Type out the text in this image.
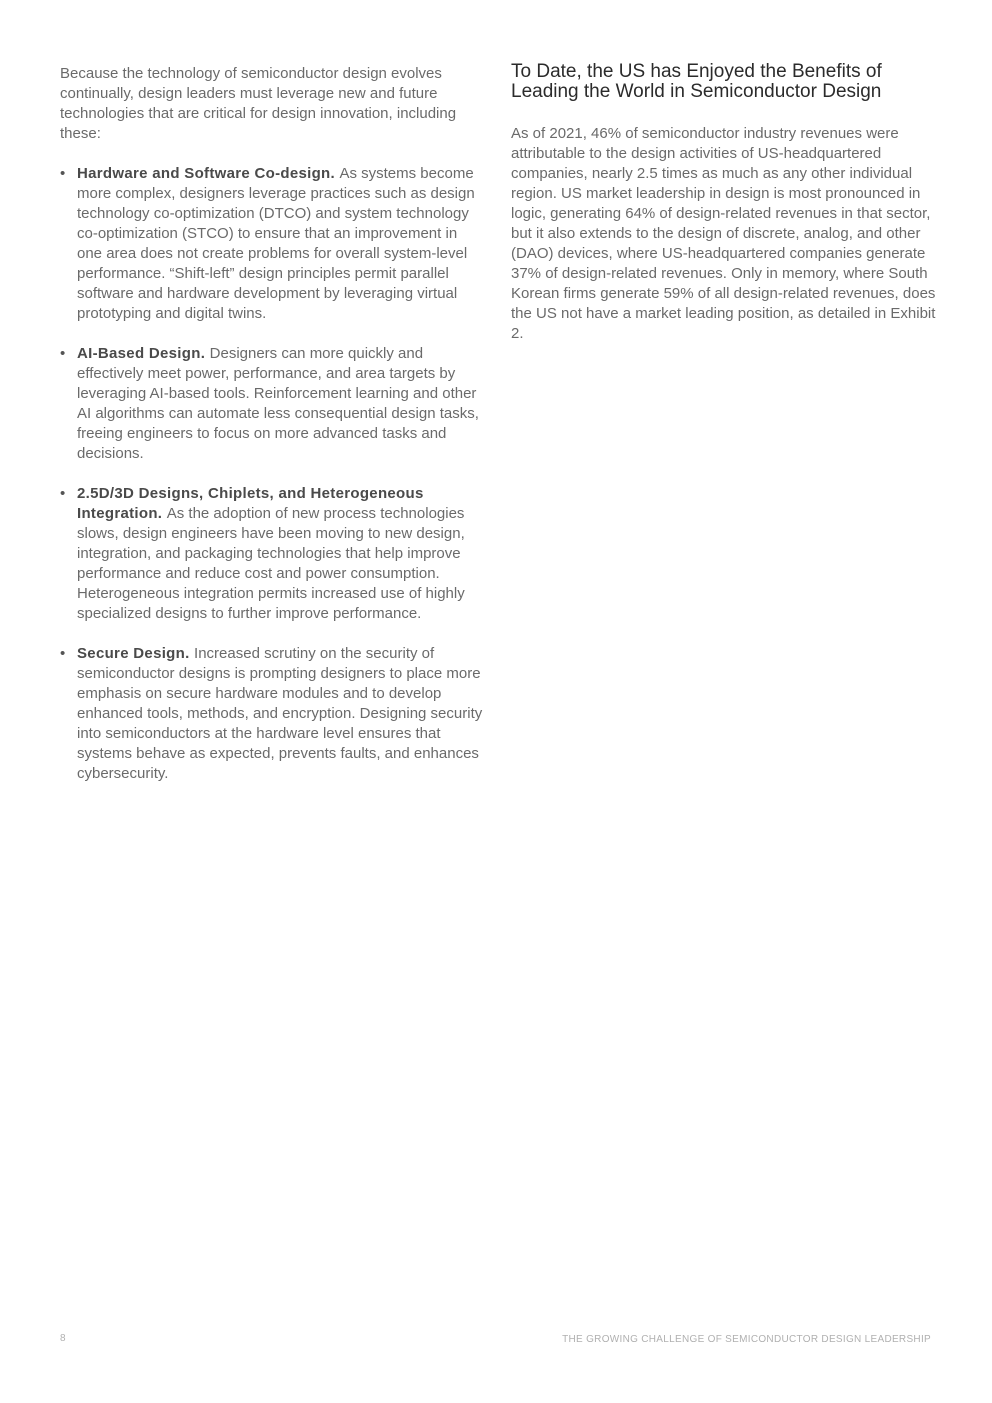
Because the technology of semiconductor design evolves continually, design leaders must leverage new and future technologies that are critical for design innovation, including these:

• Hardware and Software Co-design. As systems become more complex, designers leverage practices such as design technology co-optimization (DTCO) and system technology co-optimization (STCO) to ensure that an improvement in one area does not create problems for overall system-level performance. “Shift-left” design principles permit parallel software and hardware development by leveraging virtual prototyping and digital twins.
• AI-Based Design. Designers can more quickly and effectively meet power, performance, and area targets by leveraging AI-based tools. Reinforcement learning and other AI algorithms can automate less consequential design tasks, freeing engineers to focus on more advanced tasks and decisions.
• 2.5D/3D Designs, Chiplets, and Heterogeneous Integration. As the adoption of new process technologies slows, design engineers have been moving to new design, integration, and packaging technologies that help improve performance and reduce cost and power consumption. Heterogeneous integration permits increased use of highly specialized designs to further improve performance.
• Secure Design. Increased scrutiny on the security of semiconductor designs is prompting designers to place more emphasis on secure hardware modules and to develop enhanced tools, methods, and encryption. Designing security into semiconductors at the hardware level ensures that systems behave as expected, prevents faults, and enhances cybersecurity.
To Date, the US has Enjoyed the Benefits of Leading the World in Semiconductor Design

As of 2021, 46% of semiconductor industry revenues were attributable to the design activities of US-headquartered companies, nearly 2.5 times as much as any other individual region. US market leadership in design is most pronounced in logic, generating 64% of design-related revenues in that sector, but it also extends to the design of discrete, analog, and other (DAO) devices, where US-headquartered companies generate 37% of design-related revenues. Only in memory, where South Korean firms generate 59% of all design-related revenues, does the US not have a market leading position, as detailed in Exhibit 2.

8	THE GROWING CHALLENGE OF SEMICONDUCTOR DESIGN LEADERSHIP
